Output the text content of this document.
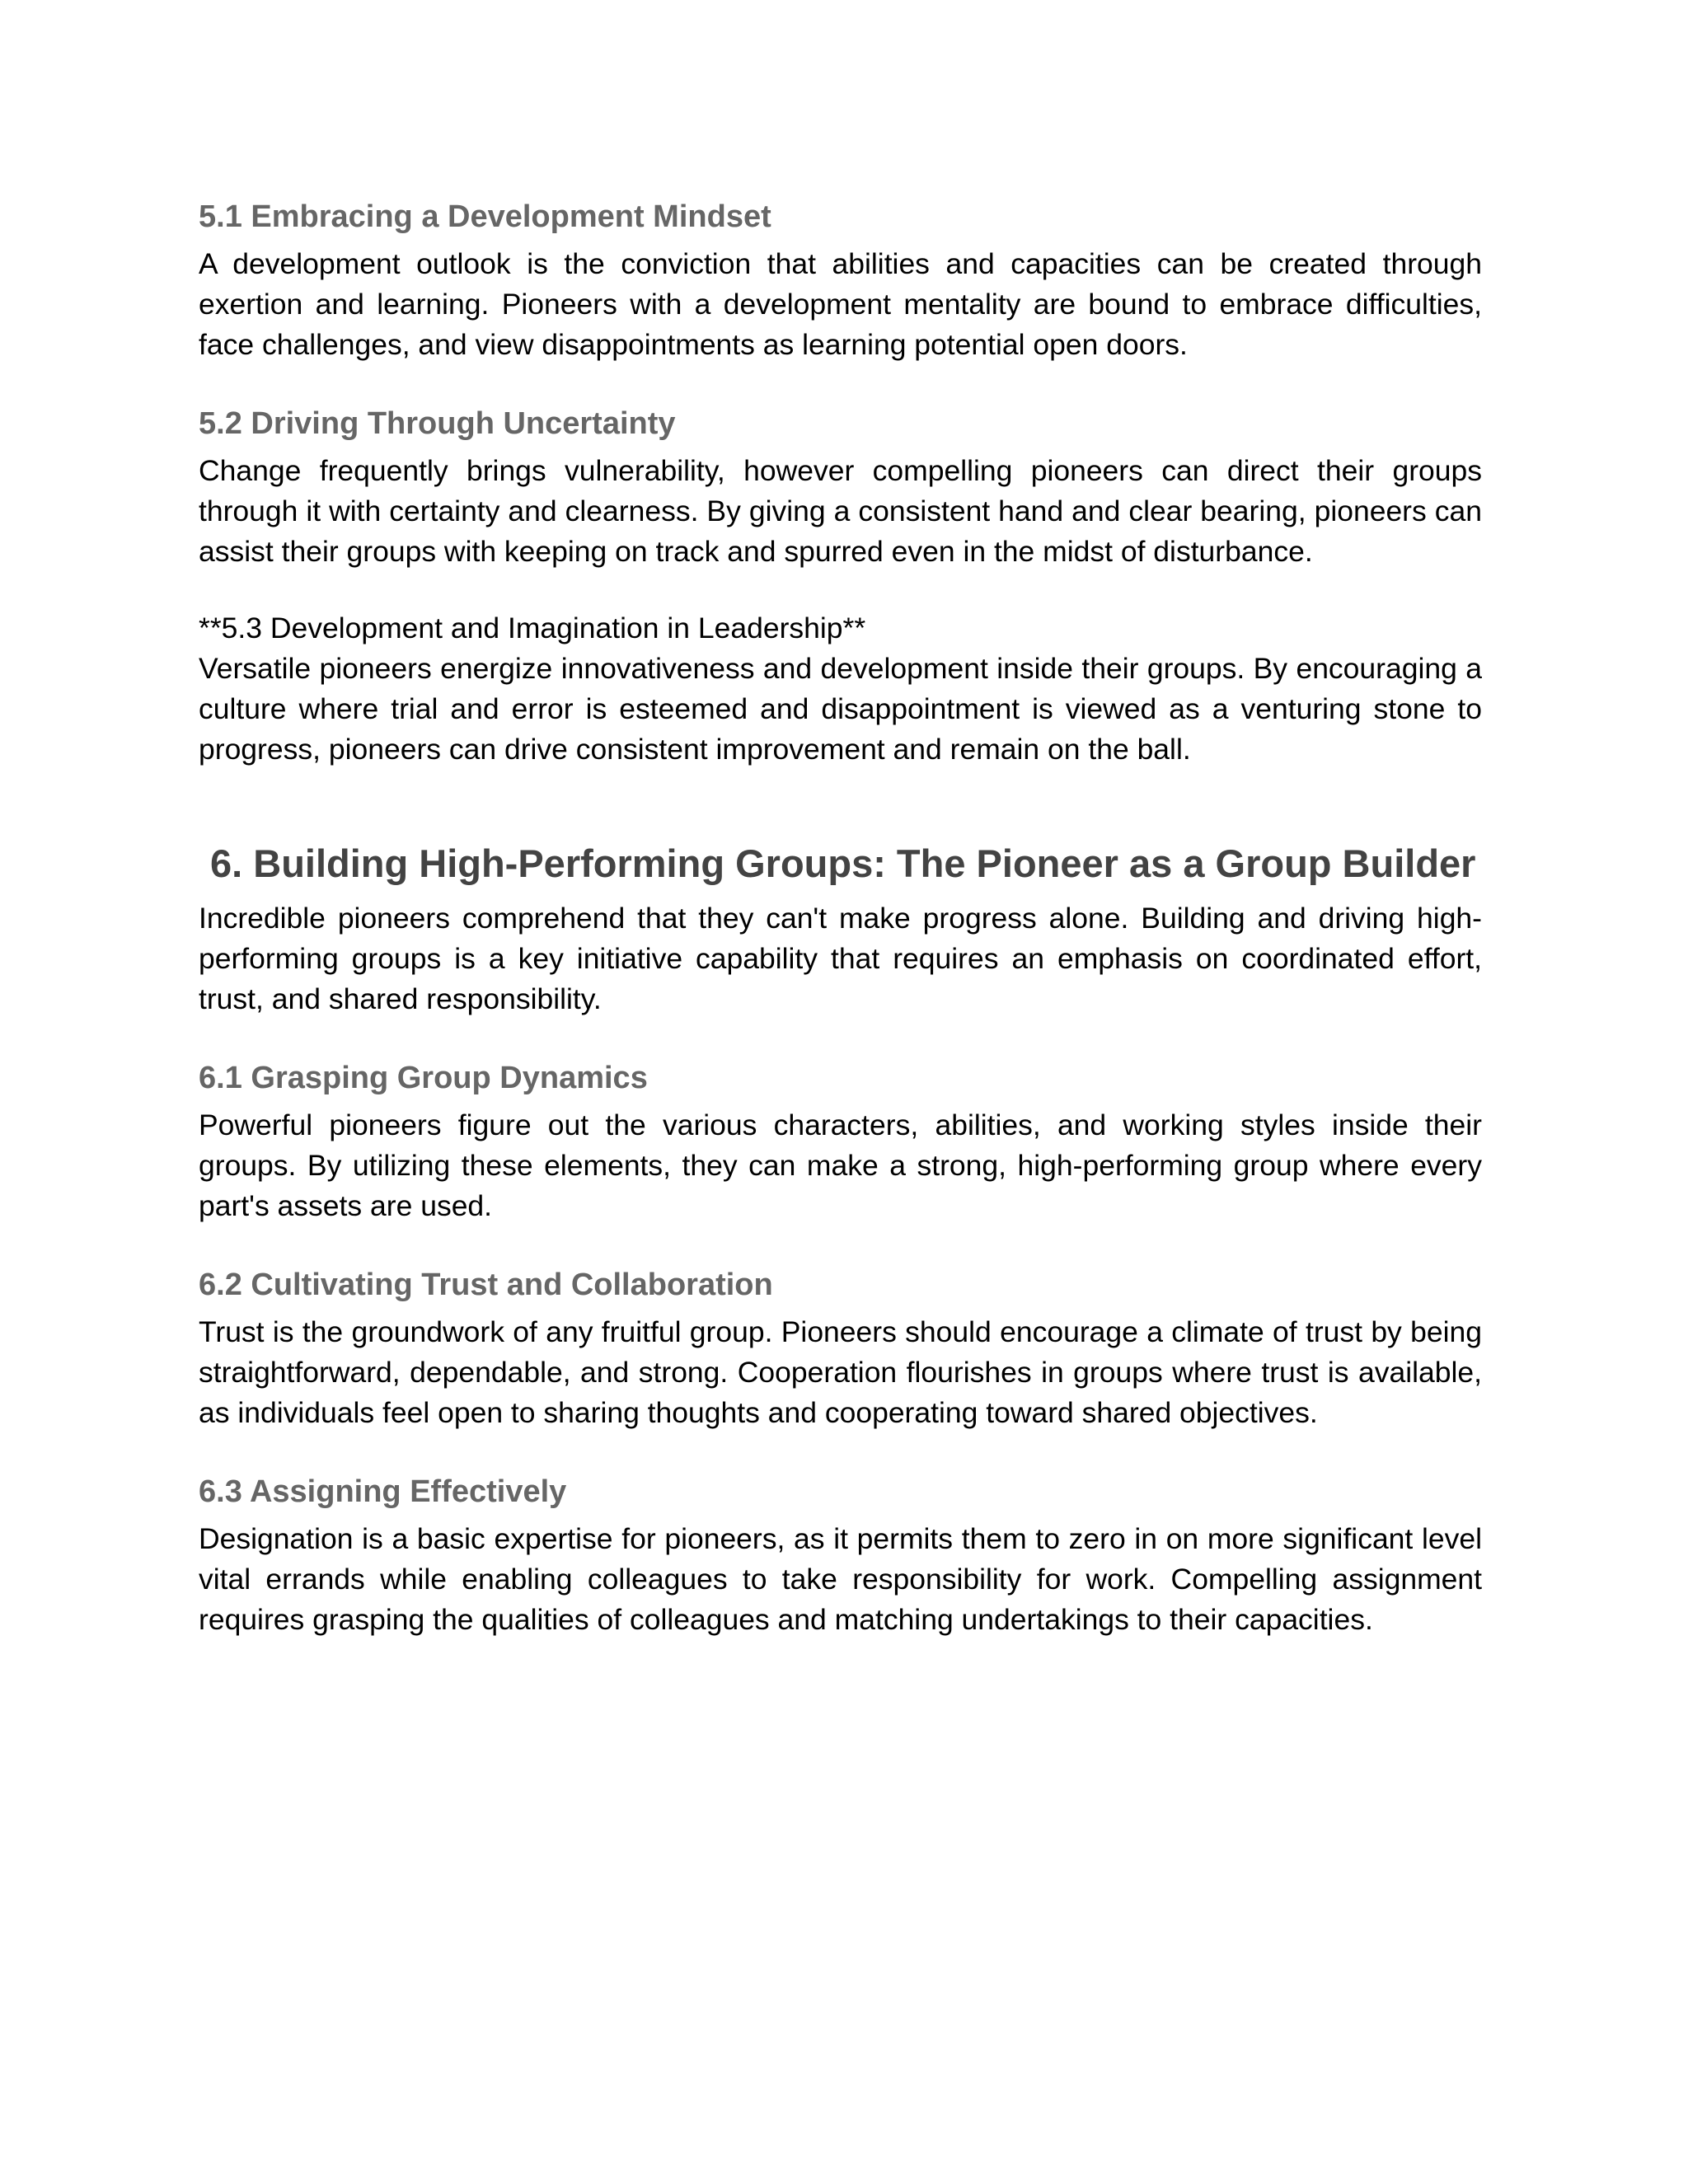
5.1 Embracing a Development Mindset

A development outlook is the conviction that abilities and capacities can be created through exertion and learning. Pioneers with a development mentality are bound to embrace difficulties, face challenges, and view disappointments as learning potential open doors.

5.2 Driving Through Uncertainty

Change frequently brings vulnerability, however compelling pioneers can direct their groups through it with certainty and clearness. By giving a consistent hand and clear bearing, pioneers can assist their groups with keeping on track and spurred even in the midst of disturbance.

**5.3 Development and Imagination in Leadership**

Versatile pioneers energize innovativeness and development inside their groups. By encouraging a culture where trial and error is esteemed and disappointment is viewed as a venturing stone to progress, pioneers can drive consistent improvement and remain on the ball.

6. Building High-Performing Groups: The Pioneer as a Group Builder

Incredible pioneers comprehend that they can't make progress alone. Building and driving high-performing groups is a key initiative capability that requires an emphasis on coordinated effort, trust, and shared responsibility.

6.1 Grasping Group Dynamics

Powerful pioneers figure out the various characters, abilities, and working styles inside their groups. By utilizing these elements, they can make a strong, high-performing group where every part's assets are used.

6.2 Cultivating Trust and Collaboration

Trust is the groundwork of any fruitful group. Pioneers should encourage a climate of trust by being straightforward, dependable, and strong. Cooperation flourishes in groups where trust is available, as individuals feel open to sharing thoughts and cooperating toward shared objectives.

6.3 Assigning Effectively

Designation is a basic expertise for pioneers, as it permits them to zero in on more significant level vital errands while enabling colleagues to take responsibility for work. Compelling assignment requires grasping the qualities of colleagues and matching undertakings to their capacities.
